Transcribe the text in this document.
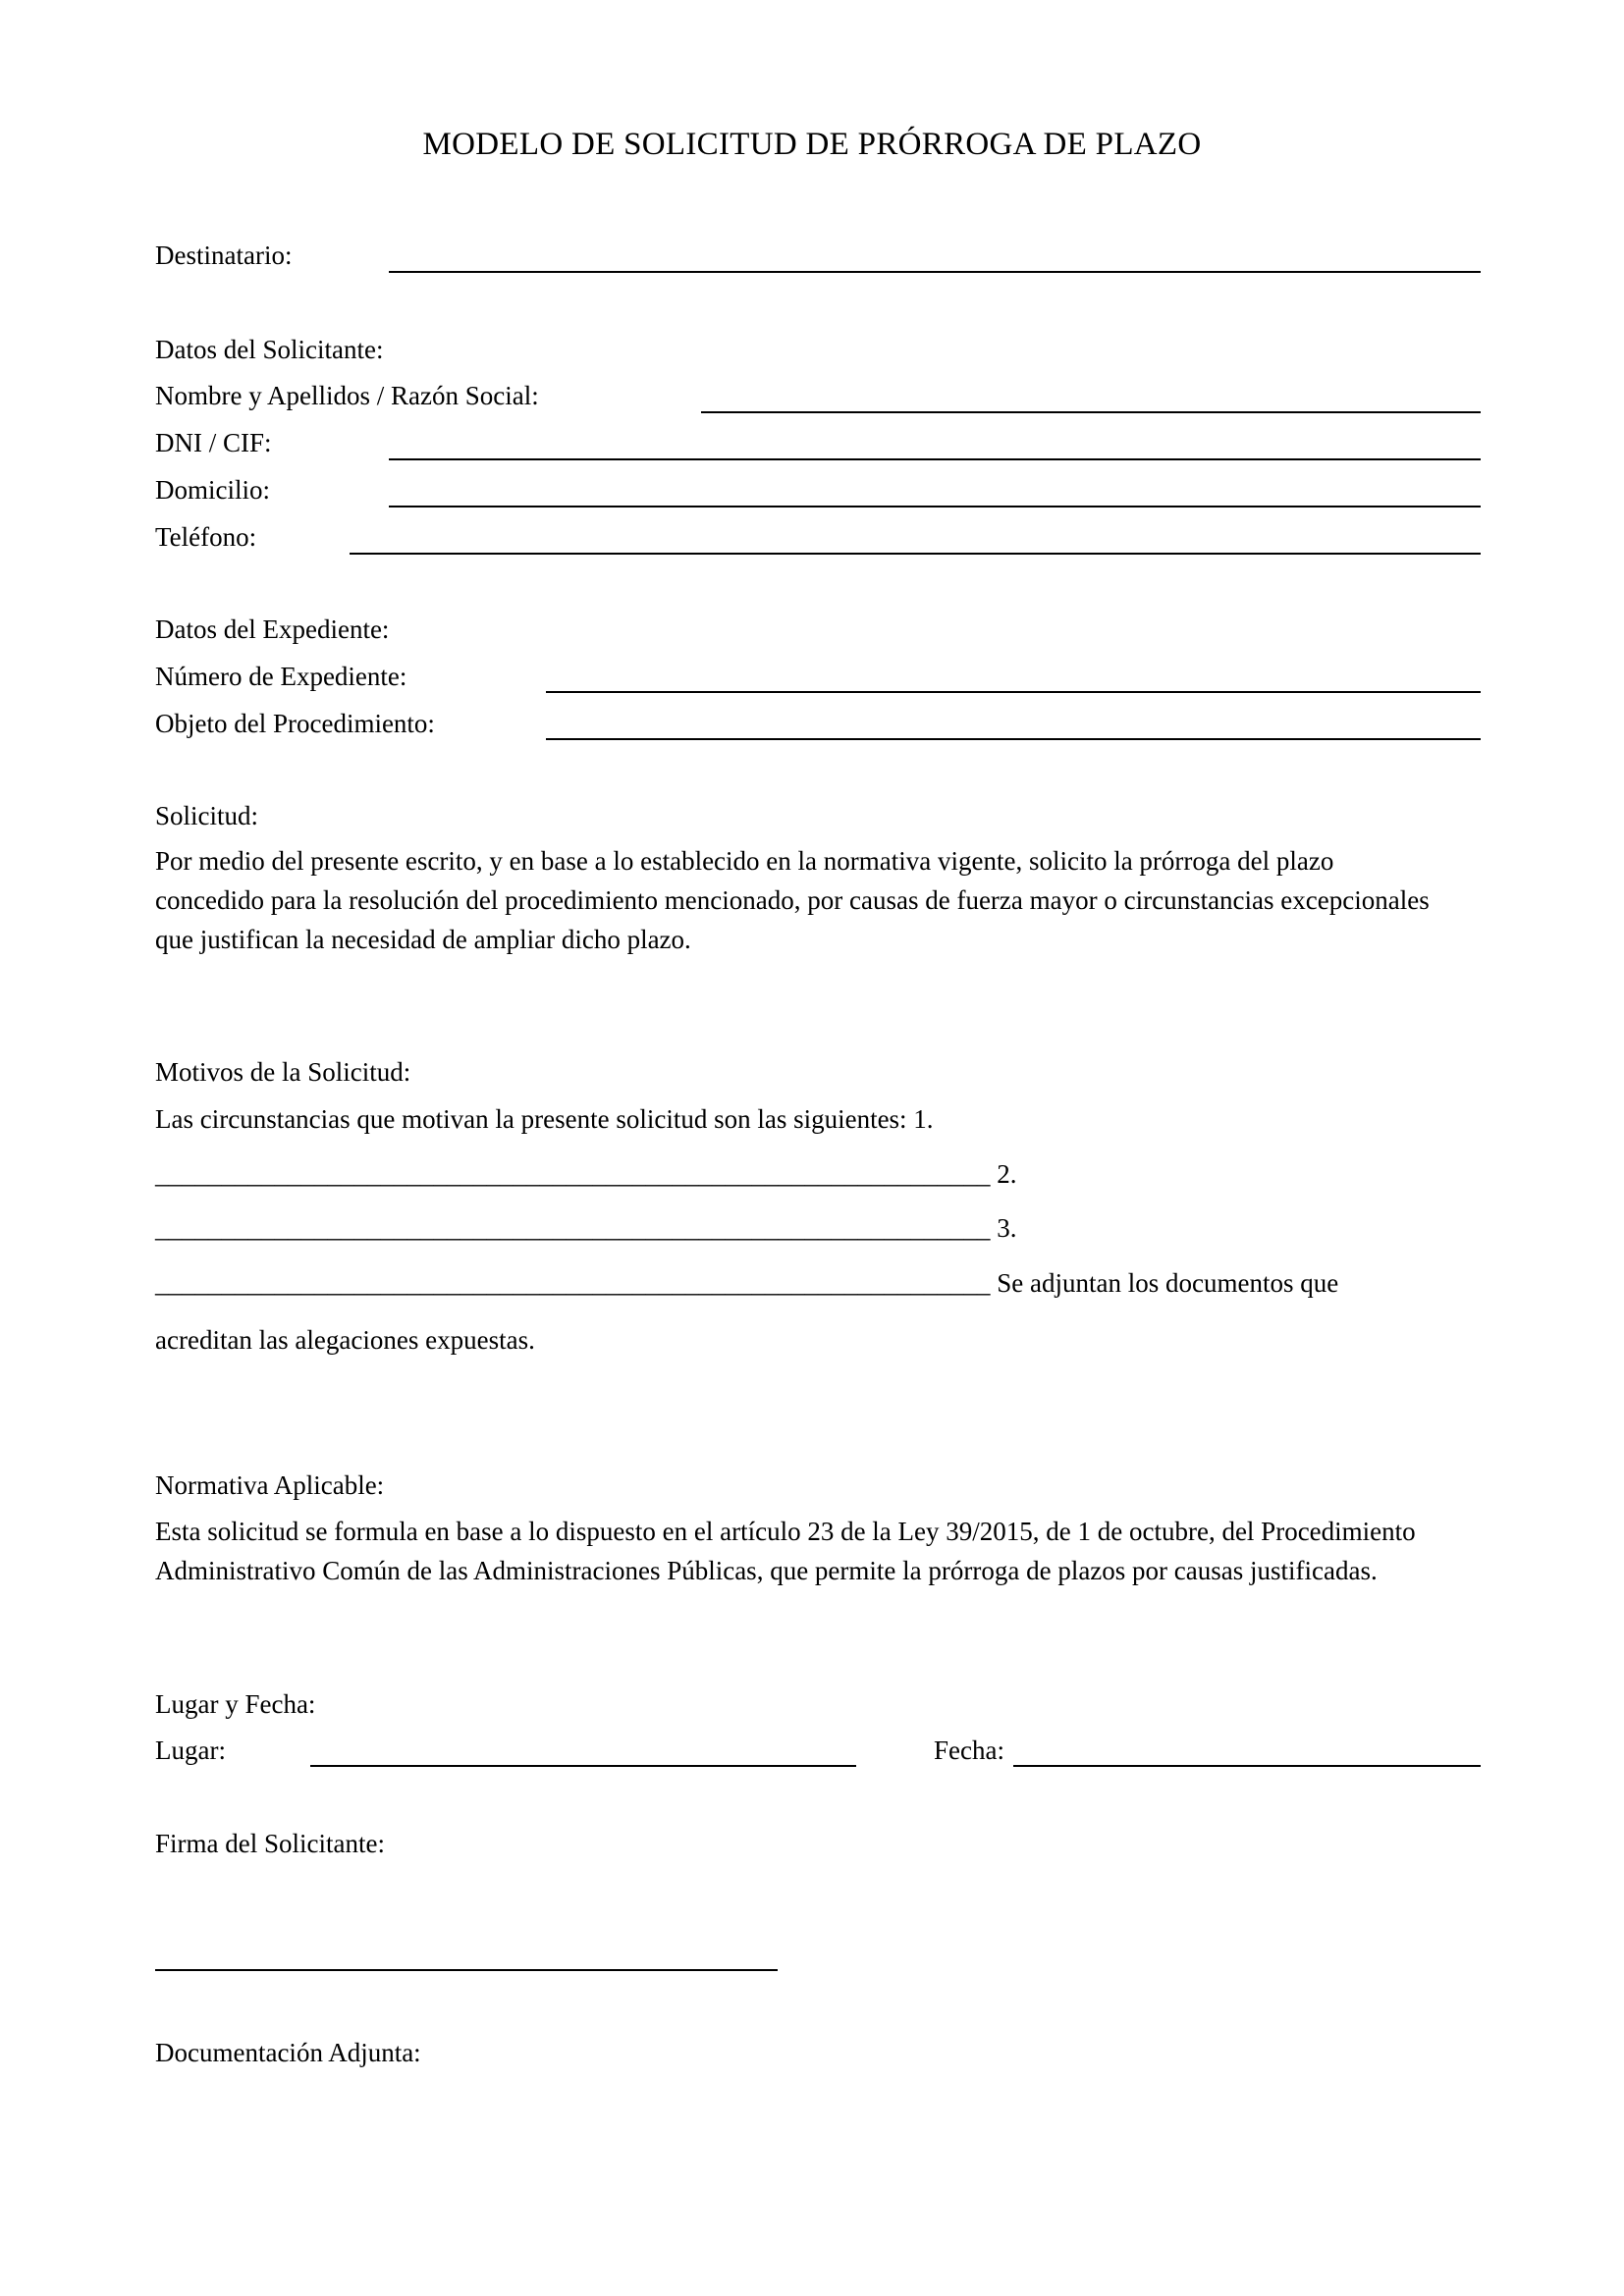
MODELO DE SOLICITUD DE PRÓRROGA DE PLAZO
Destinatario:
Datos del Solicitante:
Nombre y Apellidos / Razón Social:
DNI / CIF:
Domicilio:
Teléfono:
Datos del Expediente:
Número de Expediente:
Objeto del Procedimiento:
Solicitud:
Por medio del presente escrito, y en base a lo establecido en la normativa vigente, solicito la prórroga del plazo
concedido para la resolución del procedimiento mencionado, por causas de fuerza mayor o circunstancias excepcionales
que justifican la necesidad de ampliar dicho plazo.
Motivos de la Solicitud:
Las circunstancias que motivan la presente solicitud son las siguientes: 1.
_______________________________________________________________ 2.
_______________________________________________________________ 3.
_______________________________________________________________ Se adjuntan los documentos que
acreditan las alegaciones expuestas.
Normativa Aplicable:
Esta solicitud se formula en base a lo dispuesto en el artículo 23 de la Ley 39/2015, de 1 de octubre, del Procedimiento
Administrativo Común de las Administraciones Públicas, que permite la prórroga de plazos por causas justificadas.
Lugar y Fecha:
Lugar:	Fecha:
Firma del Solicitante:
Documentación Adjunta:
